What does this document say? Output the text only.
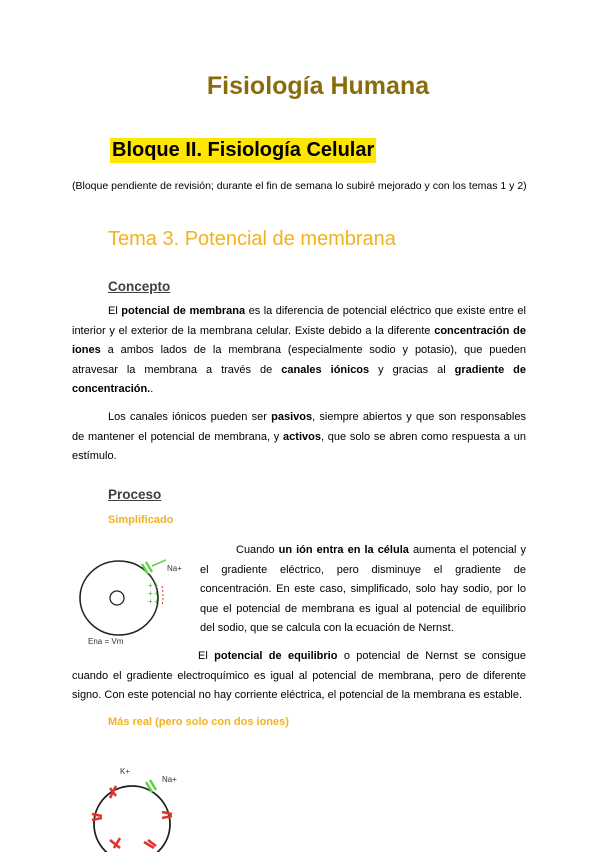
Fisiología Humana
Bloque II. Fisiología Celular
(Bloque pendiente de revisión; durante el fin de semana lo subiré mejorado y con los temas 1 y 2)
Tema 3. Potencial de membrana
Concepto

El potencial de membrana es la diferencia de potencial eléctrico que existe entre el interior y el exterior de la membrana celular. Existe debido a la diferente concentración de iones a ambos lados de la membrana (especialmente sodio y potasio), que pueden atravesar la membrana a través de canales iónicos y gracias al gradiente de concentración..

Los canales iónicos pueden ser pasivos, siempre abiertos y que son responsables de mantener el potencial de membrana, y activos, que solo se abren como respuesta a un estímulo.

Proceso
Simplificado
Na+
+
+
+
+
+
+
Ena = Vm

Cuando un ión entra en la célula aumenta el potencial y el gradiente eléctrico, pero disminuye el gradiente de concentración. En este caso, simplificado, solo hay sodio, por lo que el potencial de membrana es igual al potencial de equilibrio del sodio, que se calcula con la ecuación de Nernst.

El potencial de equilibrio o potencial de Nernst se consigue cuando el gradiente electroquímico es igual al potencial de membrana, pero de diferente signo. Con este potencial no hay corriente eléctrica, el potencial de la membrana es estable.

Más real (pero solo con dos iones)
K+
Na+
